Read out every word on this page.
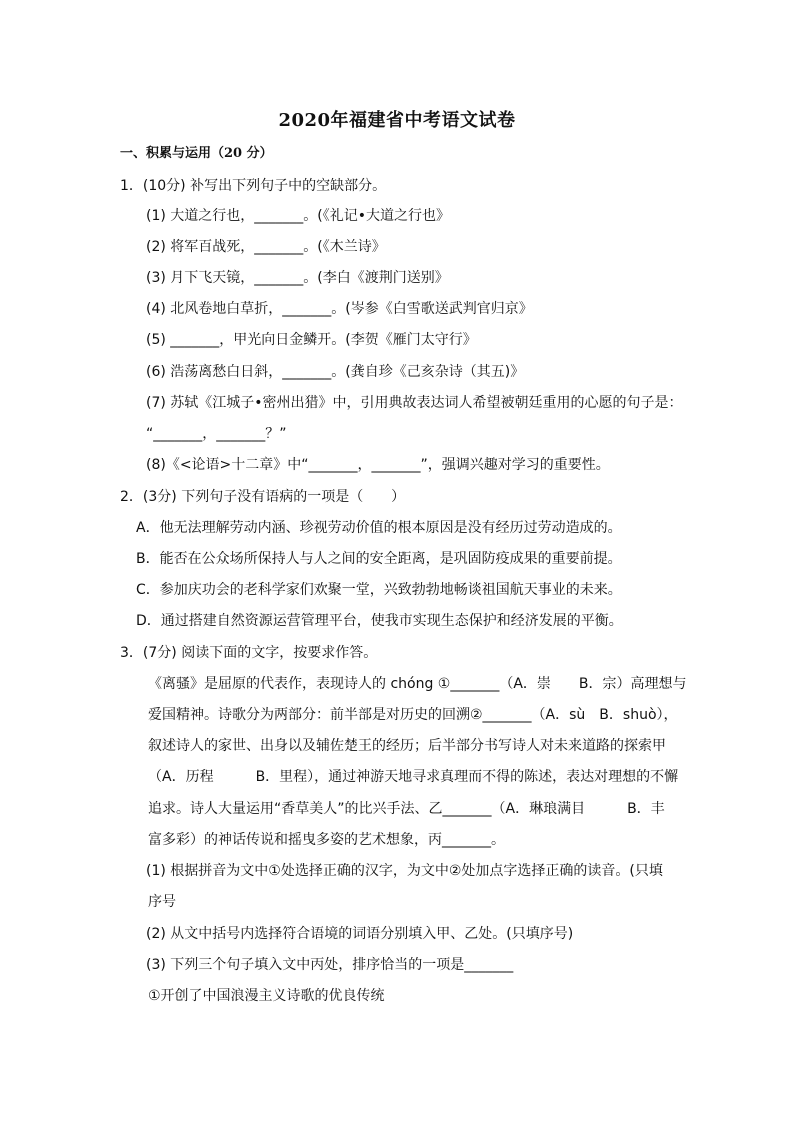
2020年福建省中考语文试卷
一、积累与运用（20 分）
1．(10分) 补写出下列句子中的空缺部分。
(1) 大道之行也，_______。(《礼记•大道之行也》
(2) 将军百战死，_______。(《木兰诗》
(3) 月下飞天镜，_______。(李白《渡荆门送别》
(4) 北风卷地白草折，_______。(岑参《白雪歌送武判官归京》
(5) _______，甲光向日金鳞开。(李贺《雁门太守行》
(6) 浩荡离愁白日斜，_______。(龚自珍《己亥杂诗（其五)》
(7) 苏轼《江城子•密州出猎》中，引用典故表达词人希望被朝廷重用的心愿的句子是：
“_______，_______？”
(8)《<论语>十二章》中“_______，_______”，强调兴趣对学习的重要性。
2．(3分) 下列句子没有语病的一项是（　　）
A．他无法理解劳动内涵、珍视劳动价值的根本原因是没有经历过劳动造成的。
B．能否在公众场所保持人与人之间的安全距离，是巩固防疫成果的重要前提。
C．参加庆功会的老科学家们欢聚一堂，兴致勃勃地畅谈祖国航天事业的未来。
D．通过搭建自然资源运营管理平台，使我市实现生态保护和经济发展的平衡。
3．(7分) 阅读下面的文字，按要求作答。
《离骚》是屈原的代表作，表现诗人的 chóng ①_______（A．崇　　B．宗）高理想与
爱国精神。诗歌分为两部分：前半部是对历史的回溯②_______（A．sù　B．shuò），
叙述诗人的家世、出身以及辅佐楚王的经历；后半部分书写诗人对未来道路的探索甲
（A．历程　　　B．里程），通过神游天地寻求真理而不得的陈述，表达对理想的不懈
追求。诗人大量运用“香草美人”的比兴手法、乙_______（A．琳琅满目　　　B．丰
富多彩）的神话传说和摇曳多姿的艺术想象，丙_______。
(1) 根据拼音为文中①处选择正确的汉字，为文中②处加点字选择正确的读音。(只填
序号
(2) 从文中括号内选择符合语境的词语分别填入甲、乙处。(只填序号)
(3) 下列三个句子填入文中丙处，排序恰当的一项是_______
①开创了中国浪漫主义诗歌的优良传统
